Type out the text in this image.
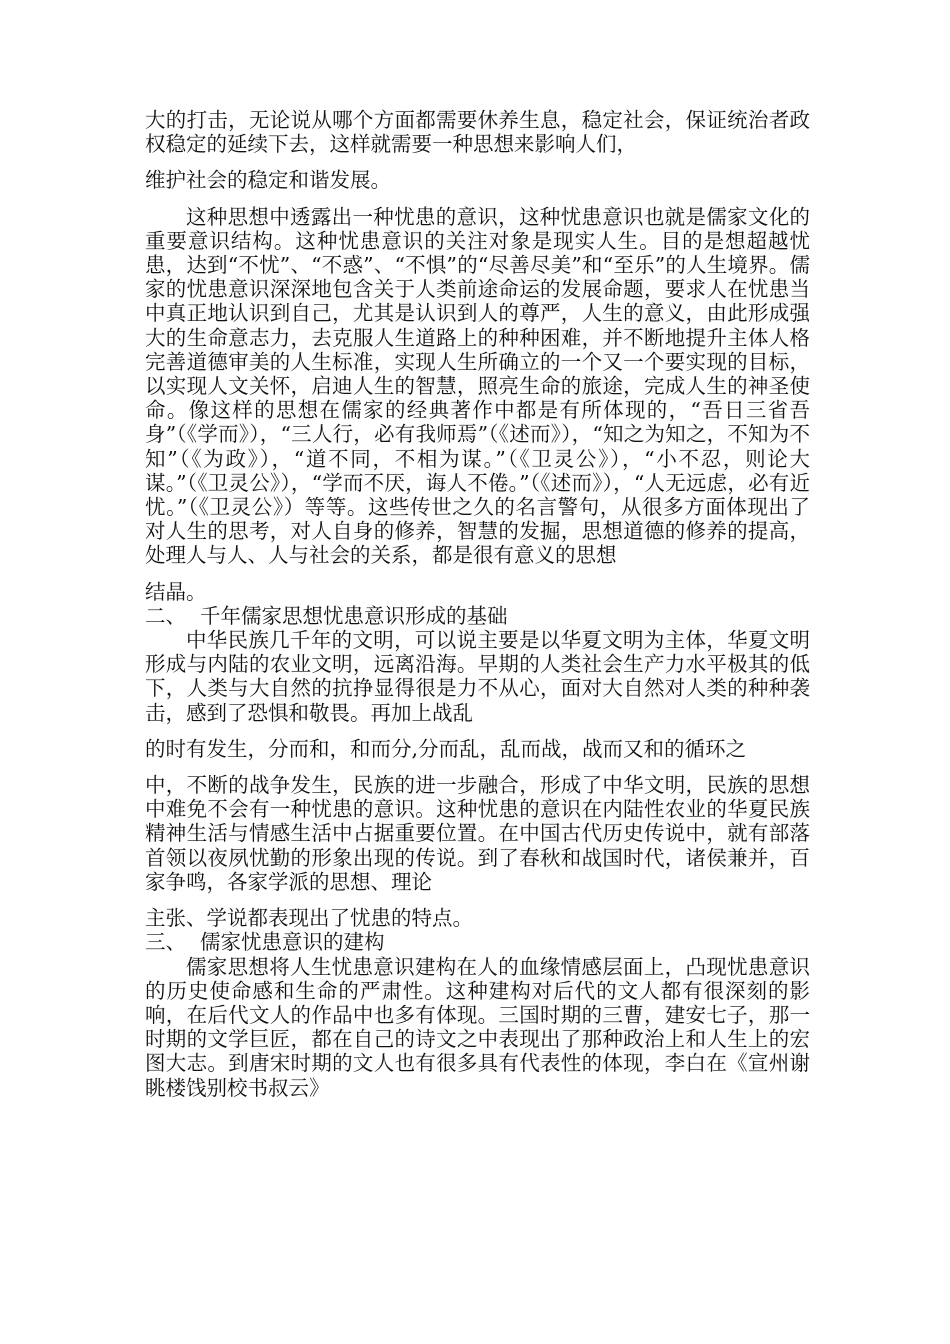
大的打击，无论说从哪个方面都需要休养生息，稳定社会，保证统治者政权稳定的延续下去，这样就需要一种思想来影响人们，

维护社会的稳定和谐发展。

这种思想中透露出一种忧患的意识，这种忧患意识也就是儒家文化的重要意识结构。这种忧患意识的关注对象是现实人生。目的是想超越忧患，达到“不忧”、“不惑”、“不惧”的“尽善尽美”和“至乐”的人生境界。儒家的忧患意识深深地包含关于人类前途命运的发展命题，要求人在忧患当中真正地认识到自己，尤其是认识到人的尊严，人生的意义，由此形成强大的生命意志力，去克服人生道路上的种种困难，并不断地提升主体人格完善道德审美的人生标准，实现人生所确立的一个又一个要实现的目标，以实现人文关怀，启迪人生的智慧，照亮生命的旅途，完成人生的神圣使命。像这样的思想在儒家的经典著作中都是有所体现的，“吾日三省吾身”（《学而》），“三人行，必有我师焉”（《述而》），“知之为知之，不知为不知”（《为政》），“道不同，不相为谋。”（《卫灵公》），“小不忍，则论大谋。”（《卫灵公》），“学而不厌，诲人不倦。”（《述而》），“人无远虑，必有近忧。”（《卫灵公》）等等。这些传世之久的名言警句，从很多方面体现出了对人生的思考，对人自身的修养，智慧的发掘，思想道德的修养的提高，处理人与人、人与社会的关系，都是很有意义的思想

结晶。

二、 千年儒家思想忧患意识形成的基础

中华民族几千年的文明，可以说主要是以华夏文明为主体，华夏文明形成与内陆的农业文明，远离沿海。早期的人类社会生产力水平极其的低下，人类与大自然的抗挣显得很是力不从心，面对大自然对人类的种种袭击，感到了恐惧和敬畏。再加上战乱

的时有发生，分而和，和而分,分而乱，乱而战，战而又和的循环之

中，不断的战争发生，民族的进一步融合，形成了中华文明，民族的思想中难免不会有一种忧患的意识。这种忧患的意识在内陆性农业的华夏民族精神生活与情感生活中占据重要位置。在中国古代历史传说中，就有部落首领以夜夙忧勤的形象出现的传说。到了春秋和战国时代，诸侯兼并，百家争鸣，各家学派的思想、理论

主张、学说都表现出了忧患的特点。

三、 儒家忧患意识的建构

儒家思想将人生忧患意识建构在人的血缘情感层面上，凸现忧患意识的历史使命感和生命的严肃性。这种建构对后代的文人都有很深刻的影响，在后代文人的作品中也多有体现。三国时期的三曹，建安七子，那一时期的文学巨匠，都在自己的诗文之中表现出了那种政治上和人生上的宏图大志。到唐宋时期的文人也有很多具有代表性的体现，李白在《宣州谢眺楼饯别校书叔云》
